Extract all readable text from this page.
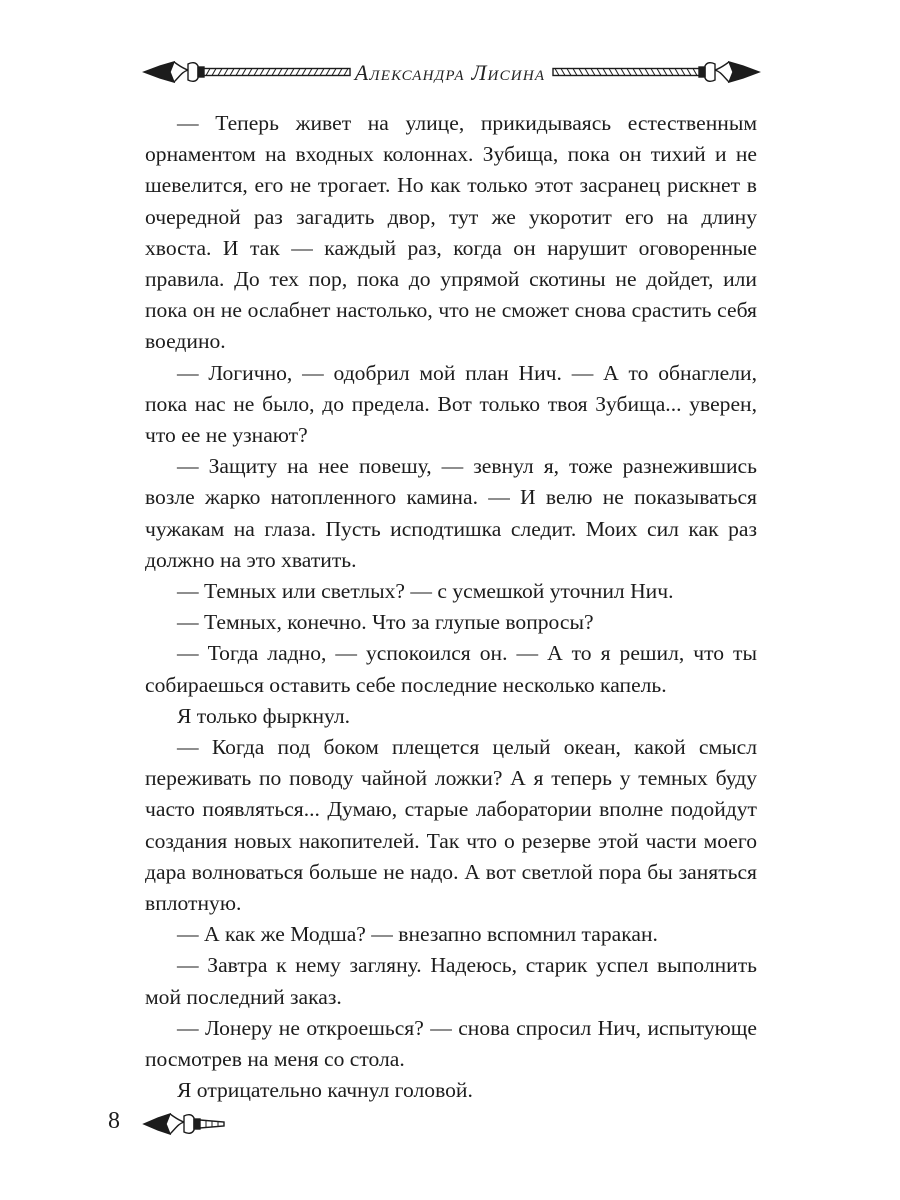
Александра Лисина

— Теперь живет на улице, прикидываясь естественным орнаментом на входных колоннах. Зубища, пока он тихий и не шевелится, его не трогает. Но как только этот засранец рискнет в очередной раз загадить двор, тут же укоротит его на длину хвоста. И так — каждый раз, когда он нарушит оговоренные правила. До тех пор, пока до упрямой скотины не дойдет, или пока он не ослабнет настолько, что не сможет снова срастить себя воедино.

— Логично, — одобрил мой план Нич. — А то обнаглели, пока нас не было, до предела. Вот только твоя Зубища... уверен, что ее не узнают?

— Защиту на нее повешу, — зевнул я, тоже разнежившись возле жарко натопленного камина. — И велю не показываться чужакам на глаза. Пусть исподтишка следит. Моих сил как раз должно на это хватить.

— Темных или светлых? — с усмешкой уточнил Нич.

— Темных, конечно. Что за глупые вопросы?

— Тогда ладно, — успокоился он. — А то я решил, что ты собираешься оставить себе последние несколько капель.

Я только фыркнул.

— Когда под боком плещется целый океан, какой смысл переживать по поводу чайной ложки? А я теперь у темных буду часто появляться... Думаю, старые лаборатории вполне подойдут создания новых накопителей. Так что о резерве этой части моего дара волноваться больше не надо. А вот светлой пора бы заняться вплотную.

— А как же Модша? — внезапно вспомнил таракан.

— Завтра к нему загляну. Надеюсь, старик успел выполнить мой последний заказ.

— Лонеру не откроешься? — снова спросил Нич, испытующе посмотрев на меня со стола.

Я отрицательно качнул головой.

8
